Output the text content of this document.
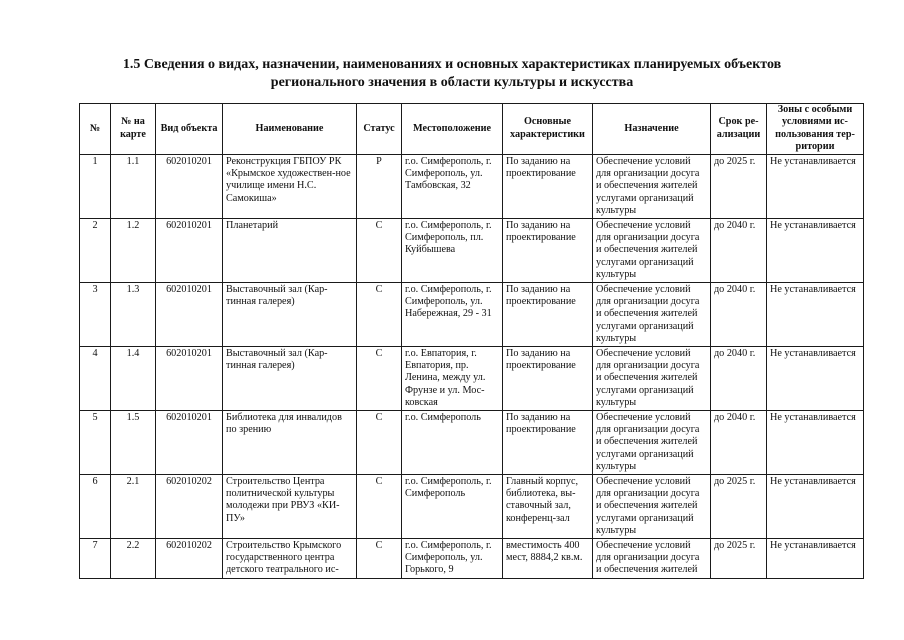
1.5 Сведения о видах, назначении, наименованиях и основных характеристиках планируемых объектов
регионального значения в области культуры и искусства
№	№ на карте	Вид объекта	Наименование	Статус	Местоположение	Основные характеристики	Назначение	Срок ре-ализации	Зоны с особыми условиями ис-пользования тер-ритории

1	1.1	602010201	Реконструкция ГБПОУ РК «Крымское художествен-ное училище имени Н.С. Самокиша»	Р	г.о. Симферополь, г. Симферополь, ул. Тамбовская, 32	По заданию на проектирование	Обеспечение условий для организации досуга и обеспечения жителей услугами организаций культуры	до 2025 г.	Не устанавливается

2	1.2	602010201	Планетарий	С	г.о. Симферополь, г. Симферополь, пл. Куйбышева	По заданию на проектирование	Обеспечение условий для организации досуга и обеспечения жителей услугами организаций культуры	до 2040 г.	Не устанавливается

3	1.3	602010201	Выставочный зал (Кар-тинная галерея)	С	г.о. Симферополь, г. Симферополь, ул. Набережная, 29 - 31	По заданию на проектирование	Обеспечение условий для организации досуга и обеспечения жителей услугами организаций культуры	до 2040 г.	Не устанавливается

4	1.4	602010201	Выставочный зал (Кар-тинная галерея)	С	г.о. Евпатория, г. Евпатория, пр. Ленина, между ул. Фрунзе и ул. Мос-ковская	По заданию на проектирование	Обеспечение условий для организации досуга и обеспечения жителей услугами организаций культуры	до 2040 г.	Не устанавливается

5	1.5	602010201	Библиотека для инвалидов по зрению	С	г.о. Симферополь	По заданию на проектирование	Обеспечение условий для организации досуга и обеспечения жителей услугами организаций культуры	до 2040 г.	Не устанавливается

6	2.1	602010202	Строительство Центра политнической культуры молодежи при РВУЗ «КИ-ПУ»	С	г.о. Симферополь, г. Симферополь	Главный корпус, библиотека, вы-ставочный зал, конференц-зал	Обеспечение условий для организации досуга и обеспечения жителей услугами организаций культуры	до 2025 г.	Не устанавливается

7	2.2	602010202	Строительство Крымского государственного центра детского театрального ис-	С	г.о. Симферополь, г. Симферополь, ул. Горького, 9	вместимость 400 мест, 8884,2 кв.м.	Обеспечение условий для организации досуга и обеспечения жителей	до 2025 г.	Не устанавливается
